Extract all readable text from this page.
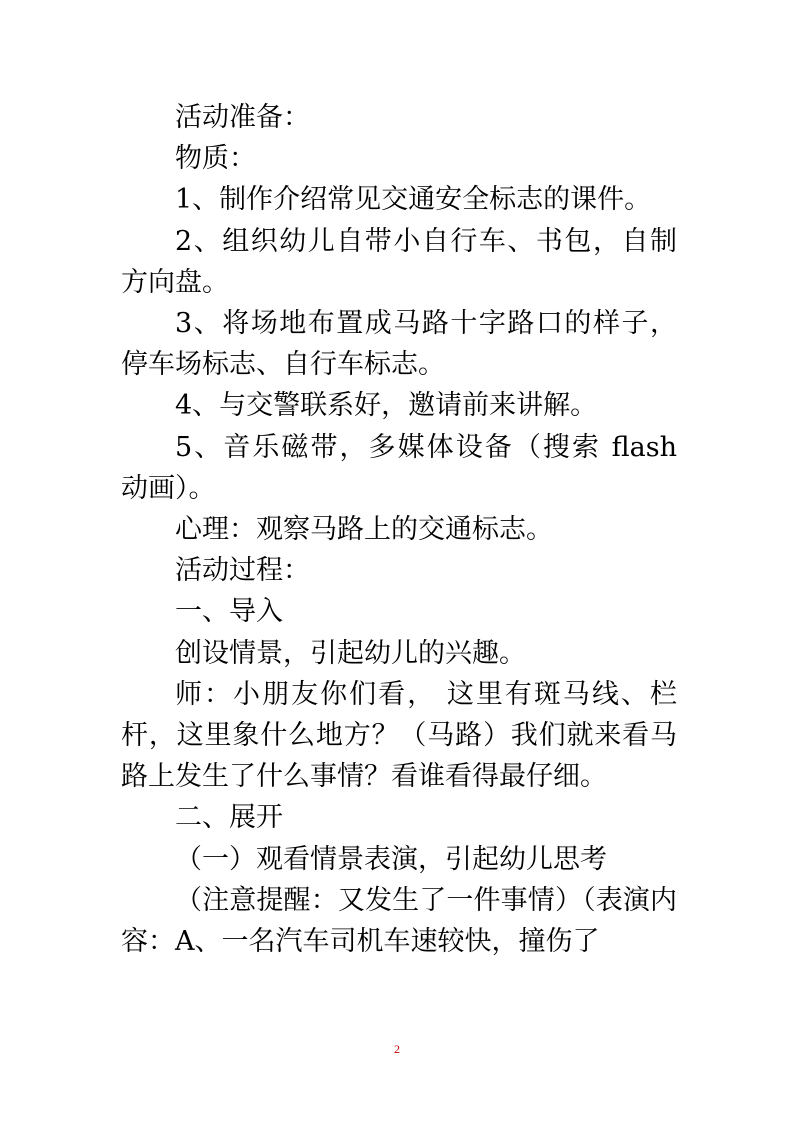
活动准备：

物质：

1、制作介绍常见交通安全标志的课件。

2、组织幼儿自带小自行车、书包，自制方向盘。

3、将场地布置成马路十字路口的样子，停车场标志、自行车标志。

4、与交警联系好，邀请前来讲解。

5、音乐磁带，多媒体设备（搜索 flash 动画）。

心理：观察马路上的交通标志。

活动过程：

一、导入

创设情景，引起幼儿的兴趣。

师：小朋友你们看， 这里有斑马线、栏杆，这里象什么地方？（马路）我们就来看马路上发生了什么事情？看谁看得最仔细。

二、展开

（一）观看情景表演，引起幼儿思考

（注意提醒：又发生了一件事情）（表演内容：A、一名汽车司机车速较快，撞伤了

2
